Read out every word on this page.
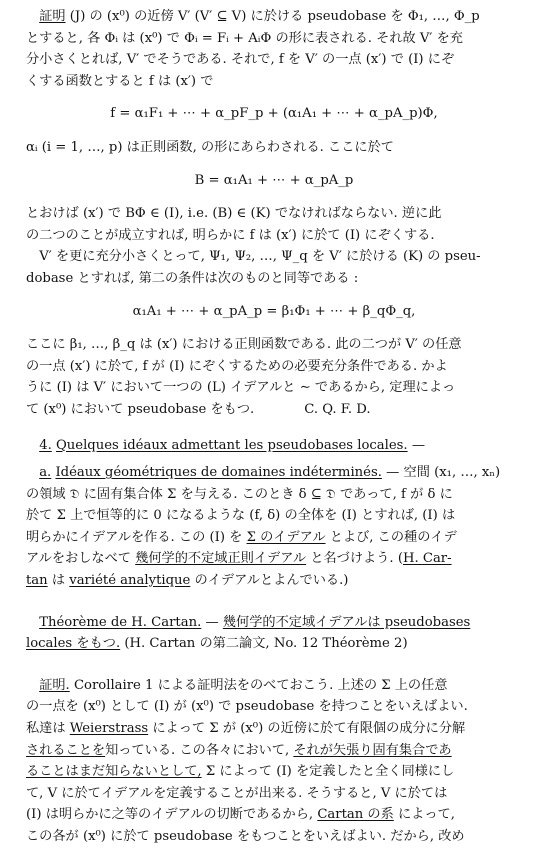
証明 (J) の (x⁰) の近傍 V′ (V′ ⊆ V) に於ける pseudobase を Φ₁, …, Φ_p

とすると, 各 Φᵢ は (x⁰) で Φᵢ = Fᵢ + AᵢΦ の形に表される. それ故 V′ を充

分小さくとれば, V′ でそうである. それで, f を V′ の一点 (x′) で (I) にぞ

くする函数とすると f は (x′) で

f = α₁F₁ + ⋯ + α_pF_p + (α₁A₁ + ⋯ + α_pA_p)Φ,

αᵢ (i = 1, …, p) は正則函数, の形にあらわされる. ここに於て

B = α₁A₁ + ⋯ + α_pA_p

とおけば (x′) で BΦ ∈ (I), i.e. (B) ∈ (K) でなければならない. 逆に此

の二つのことが成立すれば, 明らかに f は (x′) に於て (I) にぞくする.

V′ を更に充分小さくとって, Ψ₁, Ψ₂, …, Ψ_q を V′ に於ける (K) の pseu-

dobase とすれば, 第二の条件は次のものと同等である :

α₁A₁ + ⋯ + α_pA_p = β₁Φ₁ + ⋯ + β_qΦ_q,

ここに β₁, …, β_q は (x′) における正則函数である. 此の二つが V′ の任意

の一点 (x′) に於て, f が (I) にぞくするための必要充分条件である. かよ

うに (I) は V′ において一つの (L) イデアルと ∼ であるから, 定理によっ

て (x⁰) において pseudobase をもつ.	C. Q. F. D.

4. Quelques idéaux admettant les pseudobases locales. —

a. Idéaux géométriques de domaines indéterminés. — 空間 (x₁, …, xₙ)

の領域 𝔇 に固有集合体 Σ を与える. このとき δ ⊆ 𝔇 であって, f が δ に

於て Σ 上で恒等的に 0 になるような (f, δ) の全体を (I) とすれば, (I) は

明らかにイデアルを作る. この (I) を Σ のイデアル とよび, この種のイデ

アルをおしなべて 幾何学的不定域正則イデアル と名づけよう. (H. Car-

tan は variété analytique のイデアルとよんでいる.)

Théorème de H. Cartan. — 幾何学的不定域イデアルは pseudobases

locales をもつ. (H. Cartan の第二論文, No. 12 Théorème 2)

証明. Corollaire 1 による証明法をのべておこう. 上述の Σ 上の任意

の一点を (x⁰) として (I) が (x⁰) で pseudobase を持つことをいえばよい.

私達は Weierstrass によって Σ が (x⁰) の近傍に於て有限個の成分に分解

されることを知っている. この各々において, それが矢張り固有集合であ

ることはまだ知らないとして, Σ によって (I) を定義したと全く同様にし

て, V に於てイデアルを定義することが出来る. そうすると, V に於ては

(I) は明らかに之等のイデアルの切断であるから, Cartan の系 によって,

この各が (x⁰) に於て pseudobase をもつことをいえばよい. だから, 改め
